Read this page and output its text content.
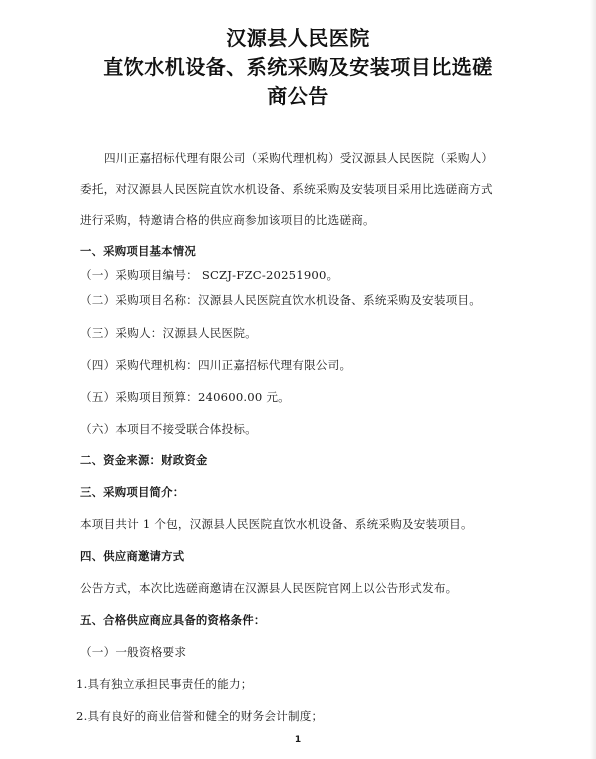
汉源县人民医院
直饮水机设备、系统采购及安装项目比选磋
商公告
四川正嘉招标代理有限公司（采购代理机构）受汉源县人民医院（采购人）
委托，对汉源县人民医院直饮水机设备、系统采购及安装项目采用比选磋商方式
进行采购，特邀请合格的供应商参加该项目的比选磋商。
一、采购项目基本情况
（一）采购项目编号： SCZJ-FZC-20251900。
（二）采购项目名称：汉源县人民医院直饮水机设备、系统采购及安装项目。
（三）采购人：汉源县人民医院。
（四）采购代理机构：四川正嘉招标代理有限公司。
（五）采购项目预算：240600.00 元。
（六）本项目不接受联合体投标。
二、资金来源：财政资金
三、采购项目简介：
本项目共计 1 个包，汉源县人民医院直饮水机设备、系统采购及安装项目。
四、供应商邀请方式
公告方式，本次比选磋商邀请在汉源县人民医院官网上以公告形式发布。
五、合格供应商应具备的资格条件：
（一）一般资格要求
1.具有独立承担民事责任的能力；
2.具有良好的商业信誉和健全的财务会计制度；
1
